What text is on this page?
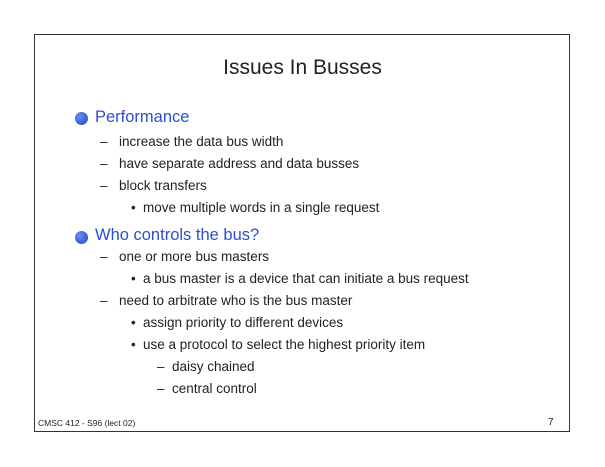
Issues In Busses
Performance
– increase the data bus width
– have separate address and data busses
– block transfers
• move multiple words in a single request
Who controls the bus?
– one or more bus masters
• a bus master is a device that can initiate a bus request
– need to arbitrate who is the bus master
• assign priority to different devices
• use a protocol to select the highest priority item
– daisy chained
– central control
CMSC 412 - S96 (lect 02)	7
